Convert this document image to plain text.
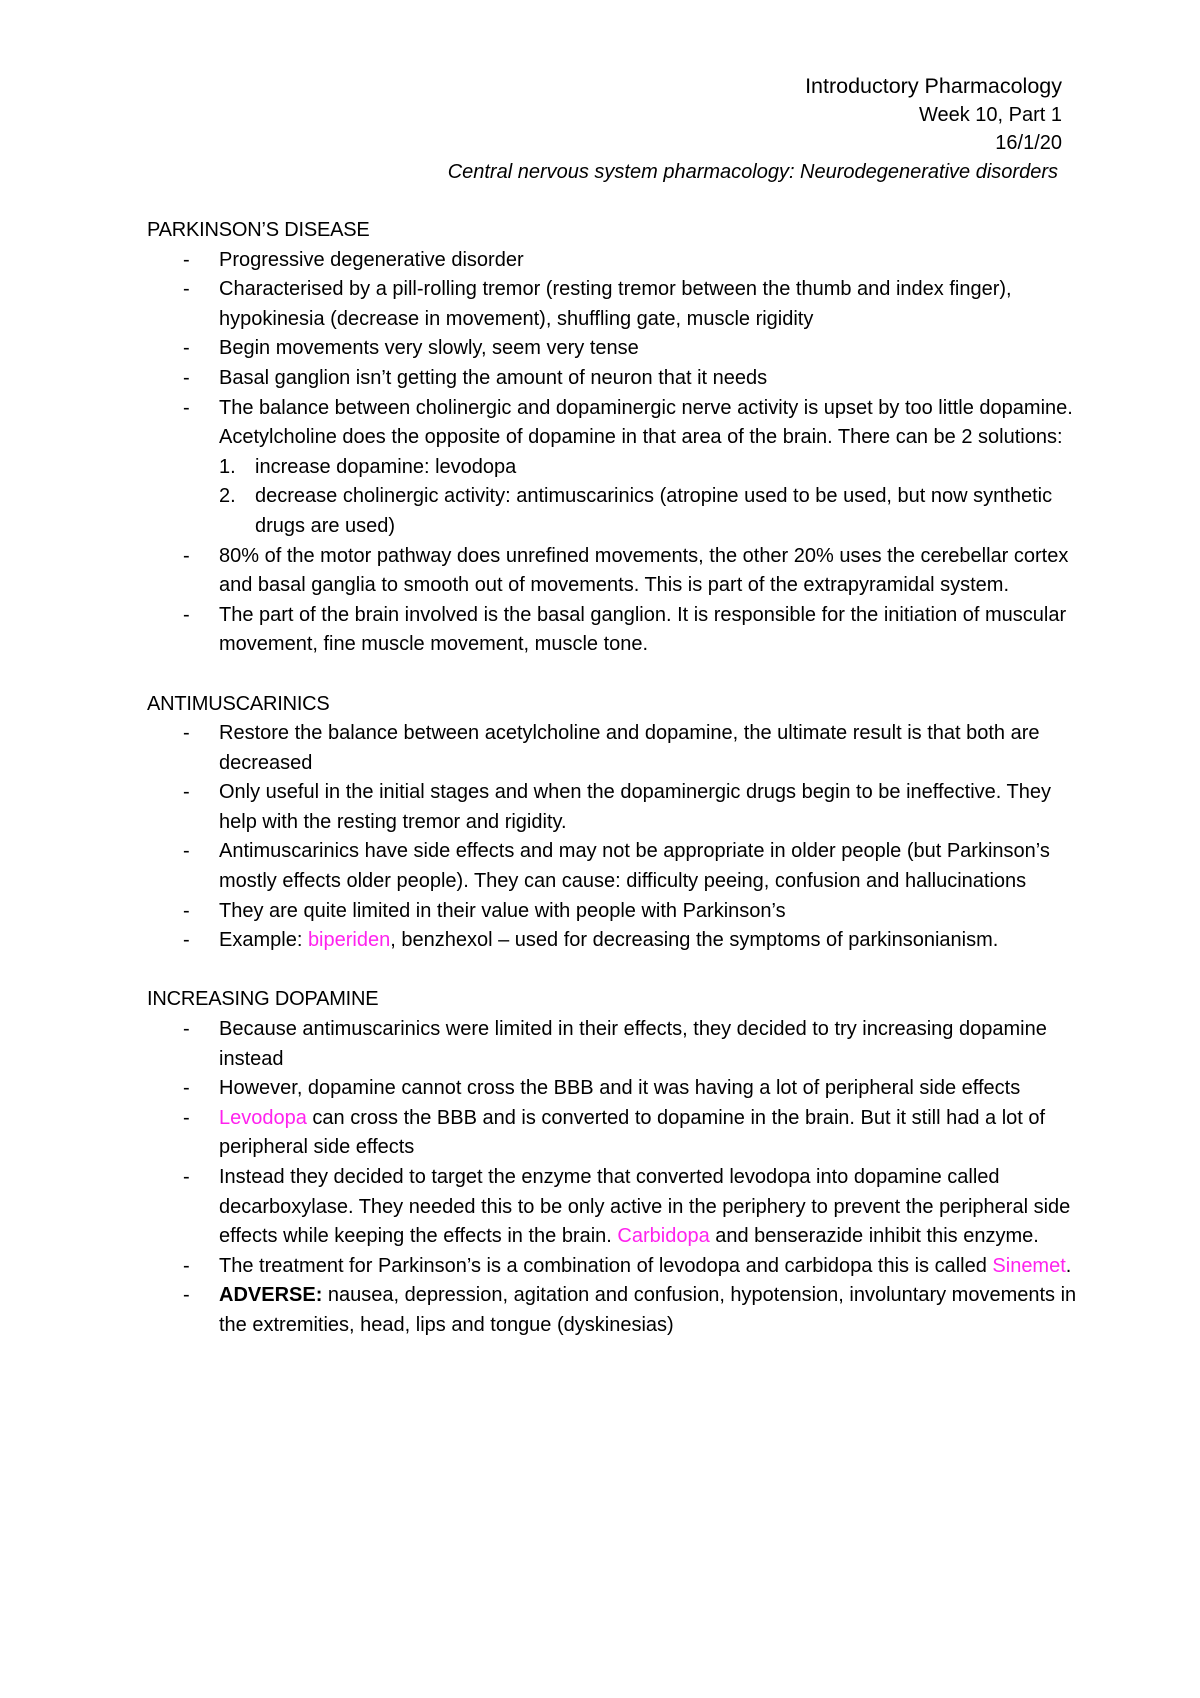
Introductory Pharmacology
Week 10, Part 1
16/1/20
Central nervous system pharmacology: Neurodegenerative disorders
PARKINSON’S DISEASE
- Progressive degenerative disorder
- Characterised by a pill-rolling tremor (resting tremor between the thumb and index finger), hypokinesia (decrease in movement), shuffling gate, muscle rigidity
- Begin movements very slowly, seem very tense
- Basal ganglion isn’t getting the amount of neuron that it needs
- The balance between cholinergic and dopaminergic nerve activity is upset by too little dopamine. Acetylcholine does the opposite of dopamine in that area of the brain. There can be 2 solutions:
1. increase dopamine: levodopa
2. decrease cholinergic activity: antimuscarinics (atropine used to be used, but now synthetic drugs are used)
- 80% of the motor pathway does unrefined movements, the other 20% uses the cerebellar cortex and basal ganglia to smooth out of movements. This is part of the extrapyramidal system.
- The part of the brain involved is the basal ganglion. It is responsible for the initiation of muscular movement, fine muscle movement, muscle tone.
ANTIMUSCARINICS
- Restore the balance between acetylcholine and dopamine, the ultimate result is that both are decreased
- Only useful in the initial stages and when the dopaminergic drugs begin to be ineffective. They help with the resting tremor and rigidity.
- Antimuscarinics have side effects and may not be appropriate in older people (but Parkinson’s mostly effects older people). They can cause: difficulty peeing, confusion and hallucinations
- They are quite limited in their value with people with Parkinson’s
- Example: biperiden, benzhexol – used for decreasing the symptoms of parkinsonianism.
INCREASING DOPAMINE
- Because antimuscarinics were limited in their effects, they decided to try increasing dopamine instead
- However, dopamine cannot cross the BBB and it was having a lot of peripheral side effects
- Levodopa can cross the BBB and is converted to dopamine in the brain. But it still had a lot of peripheral side effects
- Instead they decided to target the enzyme that converted levodopa into dopamine called decarboxylase. They needed this to be only active in the periphery to prevent the peripheral side effects while keeping the effects in the brain. Carbidopa and benserazide inhibit this enzyme.
- The treatment for Parkinson’s is a combination of levodopa and carbidopa this is called Sinemet.
- ADVERSE: nausea, depression, agitation and confusion, hypotension, involuntary movements in the extremities, head, lips and tongue (dyskinesias)
